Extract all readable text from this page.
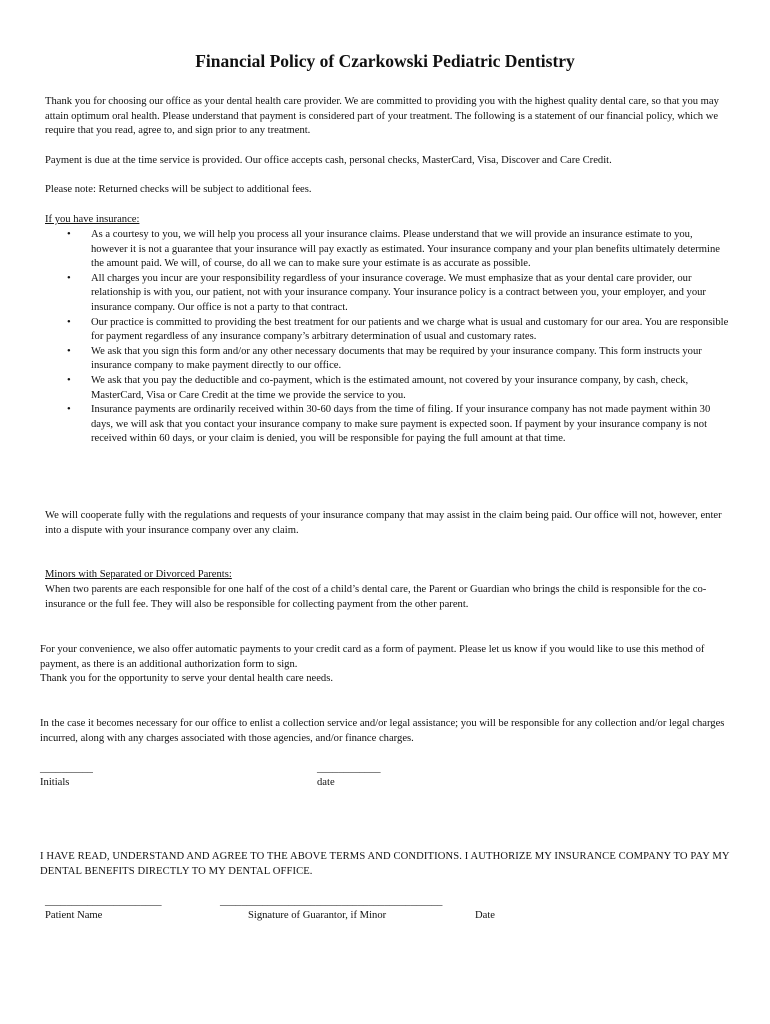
Financial Policy of Czarkowski Pediatric Dentistry

Thank you for choosing our office as your dental health care provider. We are committed to providing you with the highest quality dental care, so that you may attain optimum oral health. Please understand that payment is considered part of your treatment. The following is a statement of our financial policy, which we require that you read, agree to, and sign prior to any treatment.

Payment is due at the time service is provided. Our office accepts cash, personal checks, MasterCard, Visa, Discover and Care Credit.

Please note: Returned checks will be subject to additional fees.

If you have insurance:
• As a courtesy to you, we will help you process all your insurance claims. Please understand that we will provide an insurance estimate to you, however it is not a guarantee that your insurance will pay exactly as estimated. Your insurance company and your plan benefits ultimately determine the amount paid. We will, of course, do all we can to make sure your estimate is as accurate as possible.
• All charges you incur are your responsibility regardless of your insurance coverage. We must emphasize that as your dental care provider, our relationship is with you, our patient, not with your insurance company. Your insurance policy is a contract between you, your employer, and your insurance company. Our office is not a party to that contract.
• Our practice is committed to providing the best treatment for our patients and we charge what is usual and customary for our area. You are responsible for payment regardless of any insurance company’s arbitrary determination of usual and customary rates.
• We ask that you sign this form and/or any other necessary documents that may be required by your insurance company. This form instructs your insurance company to make payment directly to our office.
• We ask that you pay the deductible and co-payment, which is the estimated amount, not covered by your insurance company, by cash, check, MasterCard, Visa or Care Credit at the time we provide the service to you.
• Insurance payments are ordinarily received within 30-60 days from the time of filing. If your insurance company has not made payment within 30 days, we will ask that you contact your insurance company to make sure payment is expected soon. If payment by your insurance company is not received within 60 days, or your claim is denied, you will be responsible for paying the full amount at that time.

We will cooperate fully with the regulations and requests of your insurance company that may assist in the claim being paid. Our office will not, however, enter into a dispute with your insurance company over any claim.

Minors with Separated or Divorced Parents:

When two parents are each responsible for one half of the cost of a child’s dental care, the Parent or Guardian who brings the child is responsible for the co-insurance or the full fee. They will also be responsible for collecting payment from the other parent.

For your convenience, we also offer automatic payments to your credit card as a form of payment. Please let us know if you would like to use this method of payment, as there is an additional authorization form to sign.

Thank you for the opportunity to serve your dental health care needs.

In the case it becomes necessary for our office to enlist a collection service and/or legal assistance; you will be responsible for any collection and/or legal charges incurred, along with any charges associated with those agencies, and/or finance charges.

__________
Initials
____________
date

I HAVE READ, UNDERSTAND AND AGREE TO THE ABOVE TERMS AND CONDITIONS. I AUTHORIZE MY INSURANCE COMPANY TO PAY MY DENTAL BENEFITS DIRECTLY TO MY DENTAL OFFICE.

______________________	__________________________________________
Patient Name	Signature of Guarantor, if Minor	Date
